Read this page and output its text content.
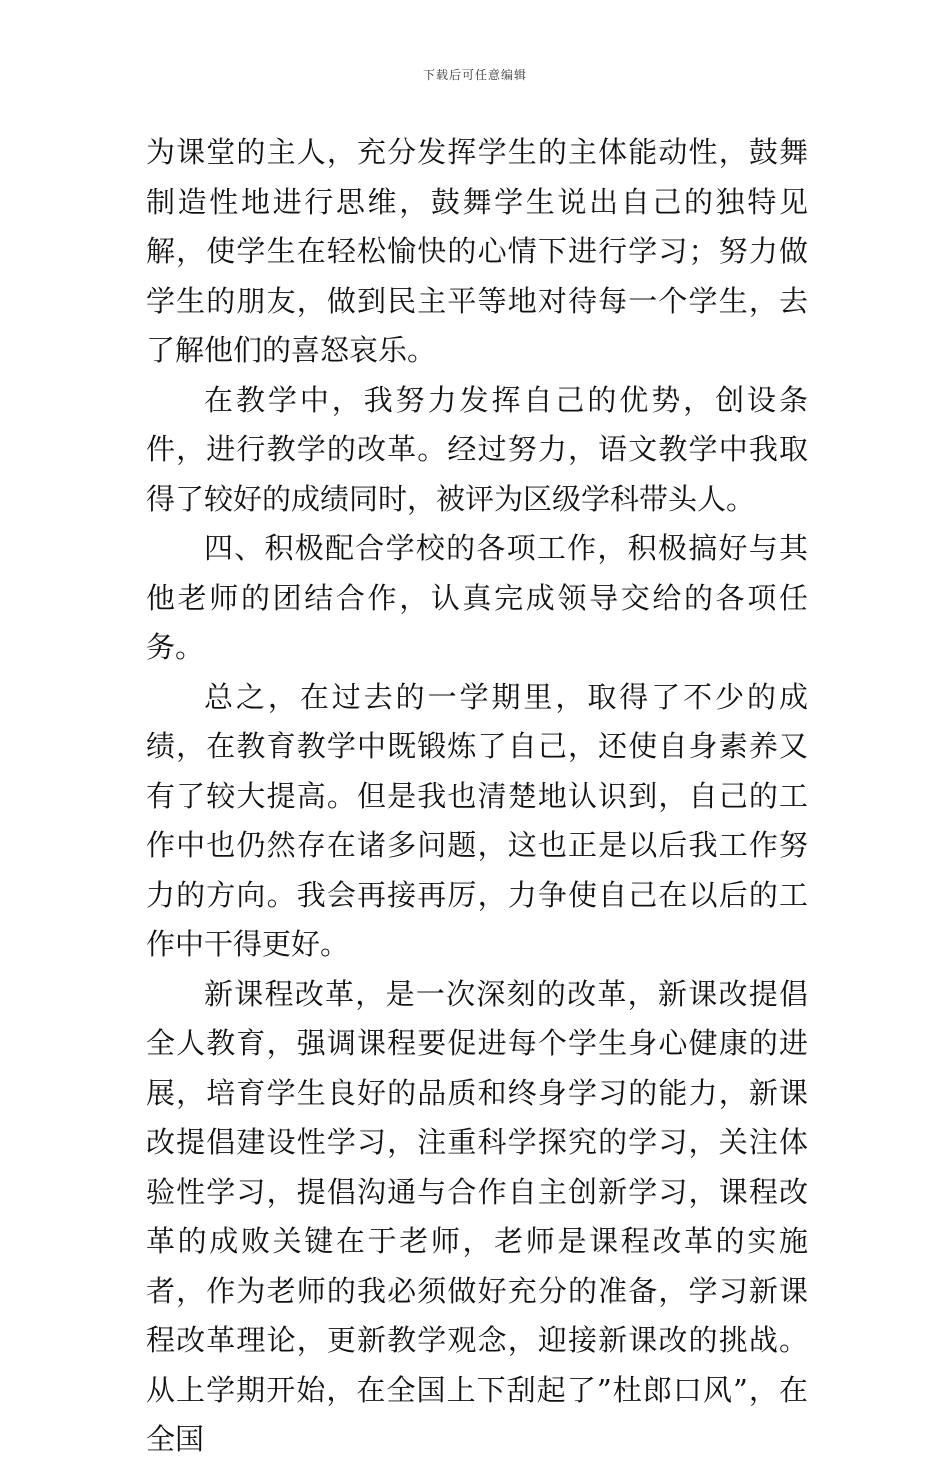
下载后可任意编辑

为课堂的主人，充分发挥学生的主体能动性，鼓舞制造性地进行思维，鼓舞学生说出自己的独特见解，使学生在轻松愉快的心情下进行学习；努力做学生的朋友，做到民主平等地对待每一个学生，去了解他们的喜怒哀乐。

在教学中，我努力发挥自己的优势，创设条件，进行教学的改革。经过努力，语文教学中我取得了较好的成绩同时，被评为区级学科带头人。

四、积极配合学校的各项工作，积极搞好与其他老师的团结合作，认真完成领导交给的各项任务。

总之，在过去的一学期里，取得了不少的成绩，在教育教学中既锻炼了自己，还使自身素养又有了较大提高。但是我也清楚地认识到，自己的工作中也仍然存在诸多问题，这也正是以后我工作努力的方向。我会再接再厉，力争使自己在以后的工作中干得更好。

新课程改革，是一次深刻的改革，新课改提倡全人教育，强调课程要促进每个学生身心健康的进展，培育学生良好的品质和终身学习的能力，新课改提倡建设性学习，注重科学探究的学习，关注体验性学习，提倡沟通与合作自主创新学习，课程改革的成败关键在于老师，老师是课程改革的实施者，作为老师的我必须做好充分的准备，学习新课程改革理论，更新教学观念，迎接新课改的挑战。从上学期开始，在全国上下刮起了”杜郎口风”，在全国
